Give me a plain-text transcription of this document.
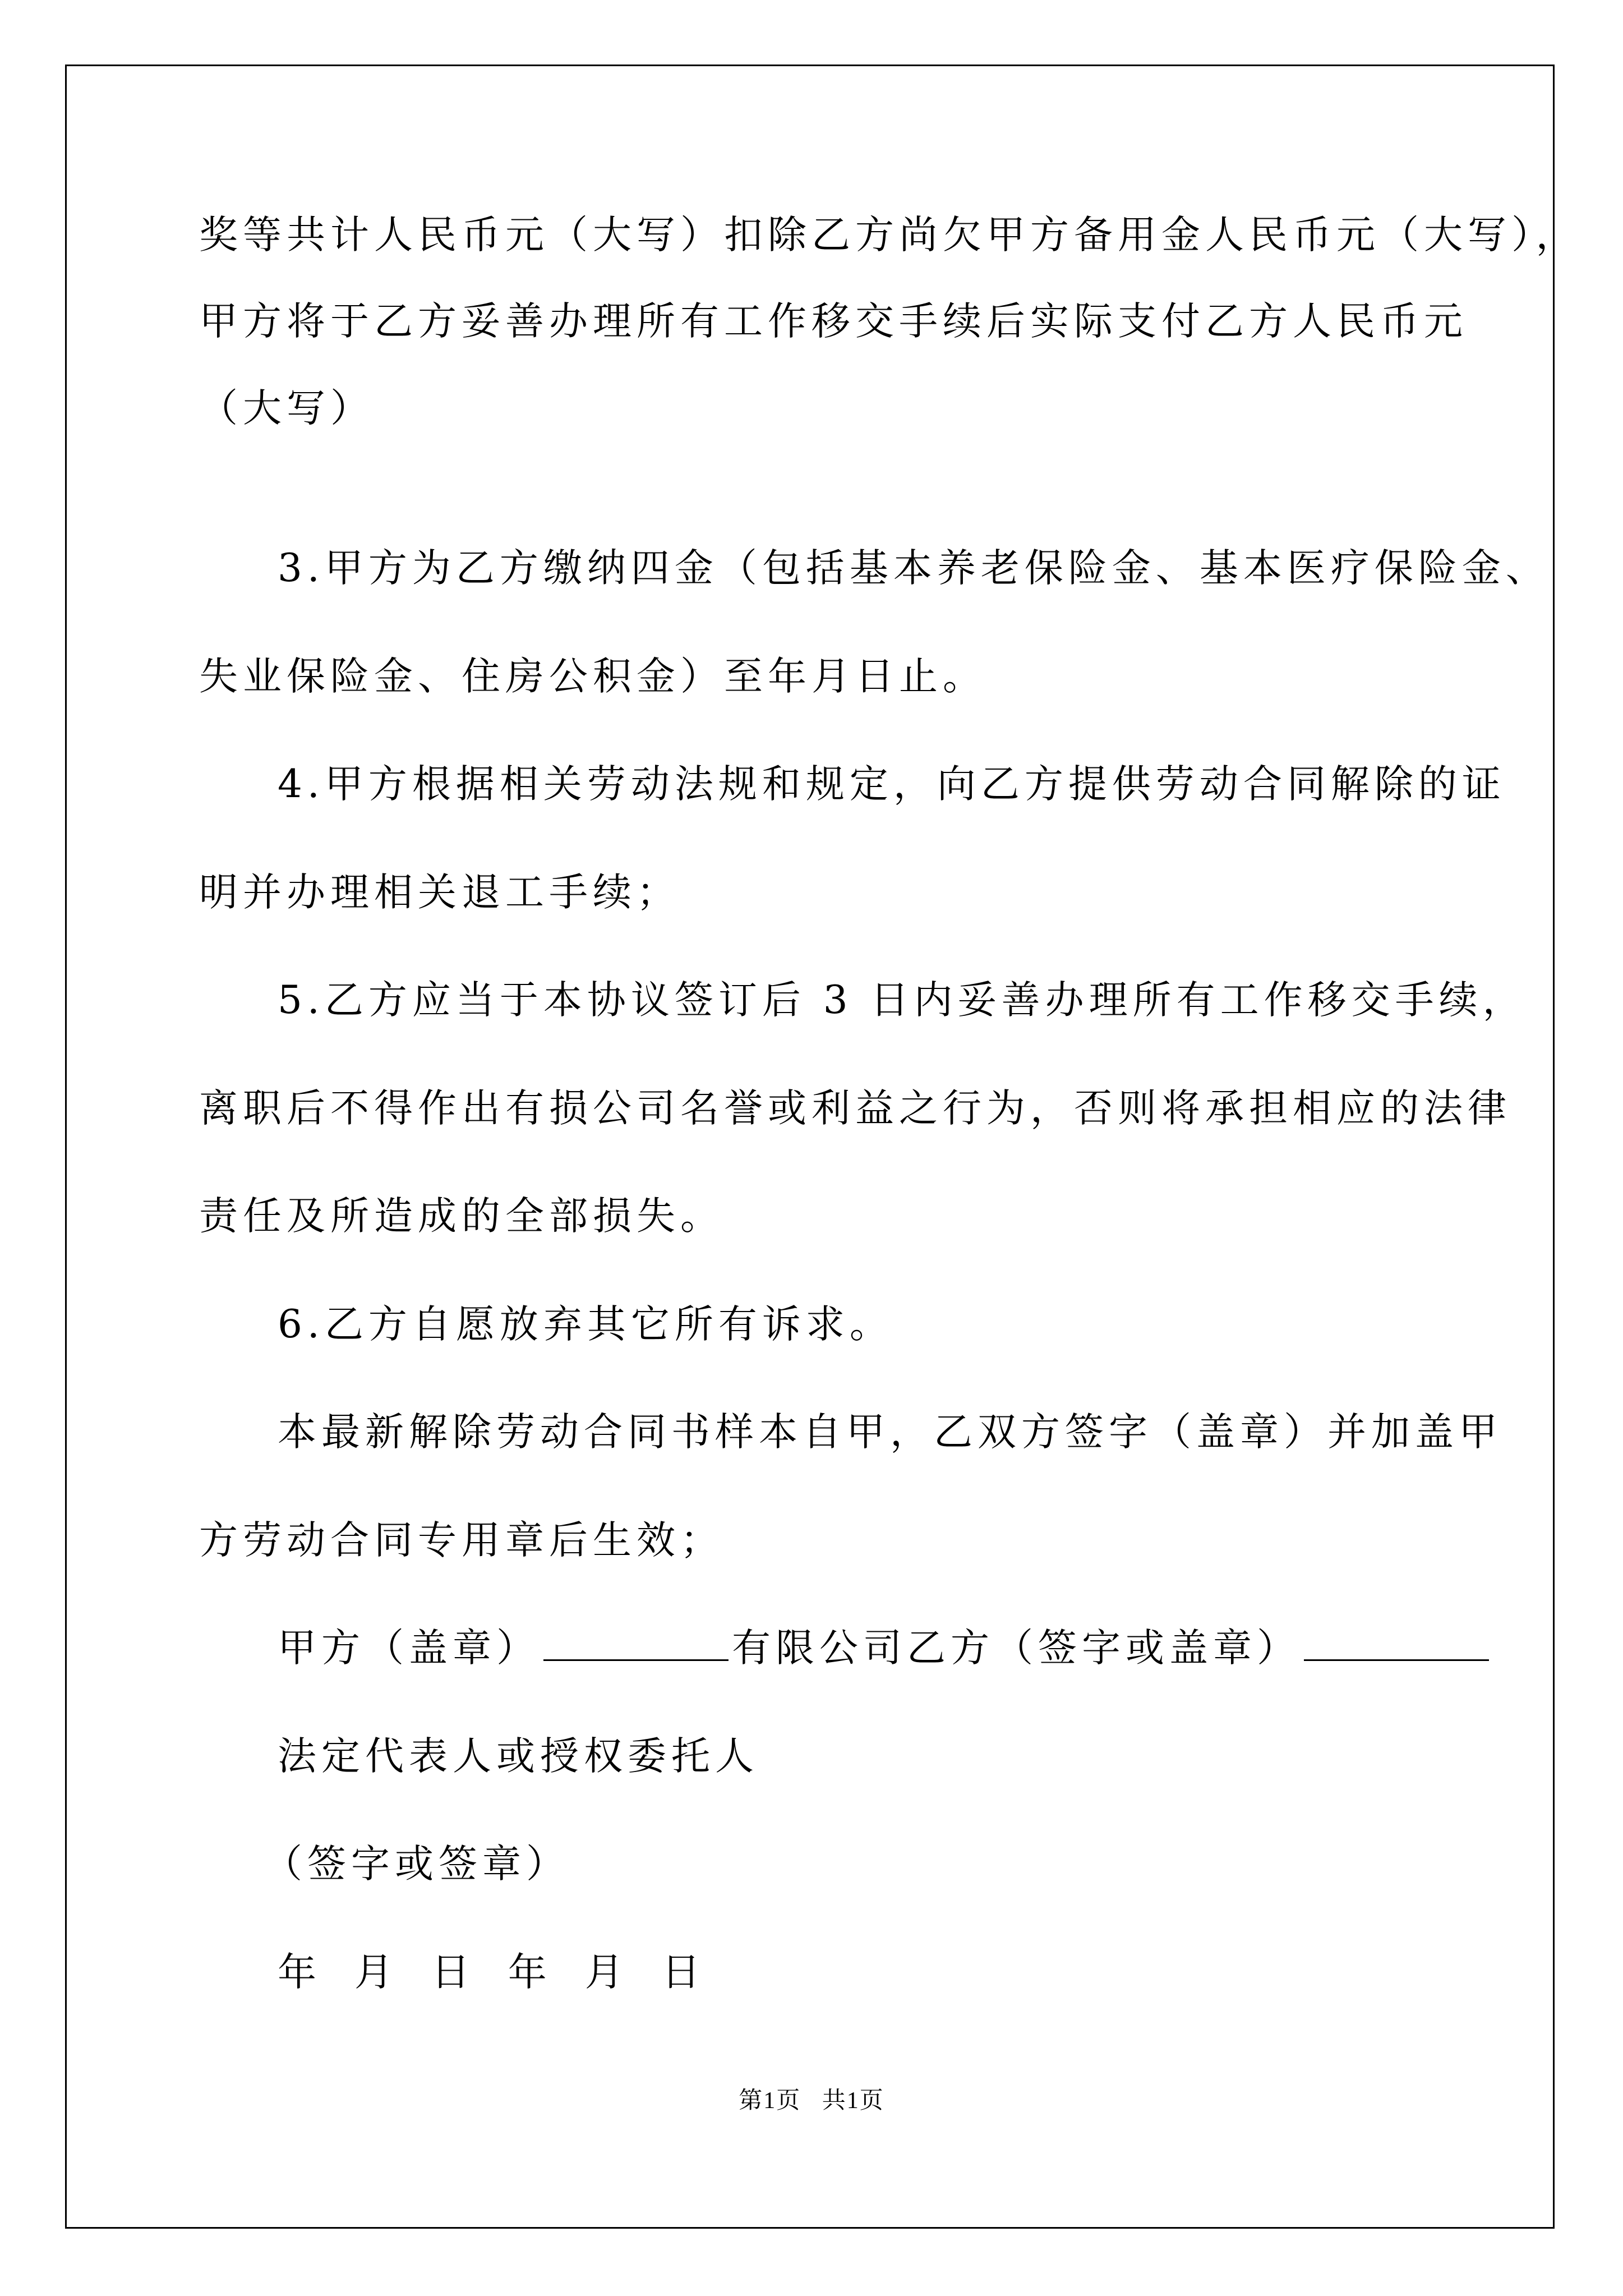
奖等共计人民币元（大写）扣除乙方尚欠甲方备用金人民币元（大写），
甲方将于乙方妥善办理所有工作移交手续后实际支付乙方人民币元
（大写）
3.甲方为乙方缴纳四金（包括基本养老保险金、基本医疗保险金、
失业保险金、住房公积金）至年月日止。
4.甲方根据相关劳动法规和规定，向乙方提供劳动合同解除的证
明并办理相关退工手续；
5.乙方应当于本协议签订后 3 日内妥善办理所有工作移交手续，
离职后不得作出有损公司名誉或利益之行为，否则将承担相应的法律
责任及所造成的全部损失。
6.乙方自愿放弃其它所有诉求。
本最新解除劳动合同书样本自甲，乙双方签字（盖章）并加盖甲
方劳动合同专用章后生效；
甲方（盖章）	有限公司乙方（签字或盖章）
法定代表人或授权委托人
（签字或签章）
年 月 日 年 月 日
第1页   共1页
